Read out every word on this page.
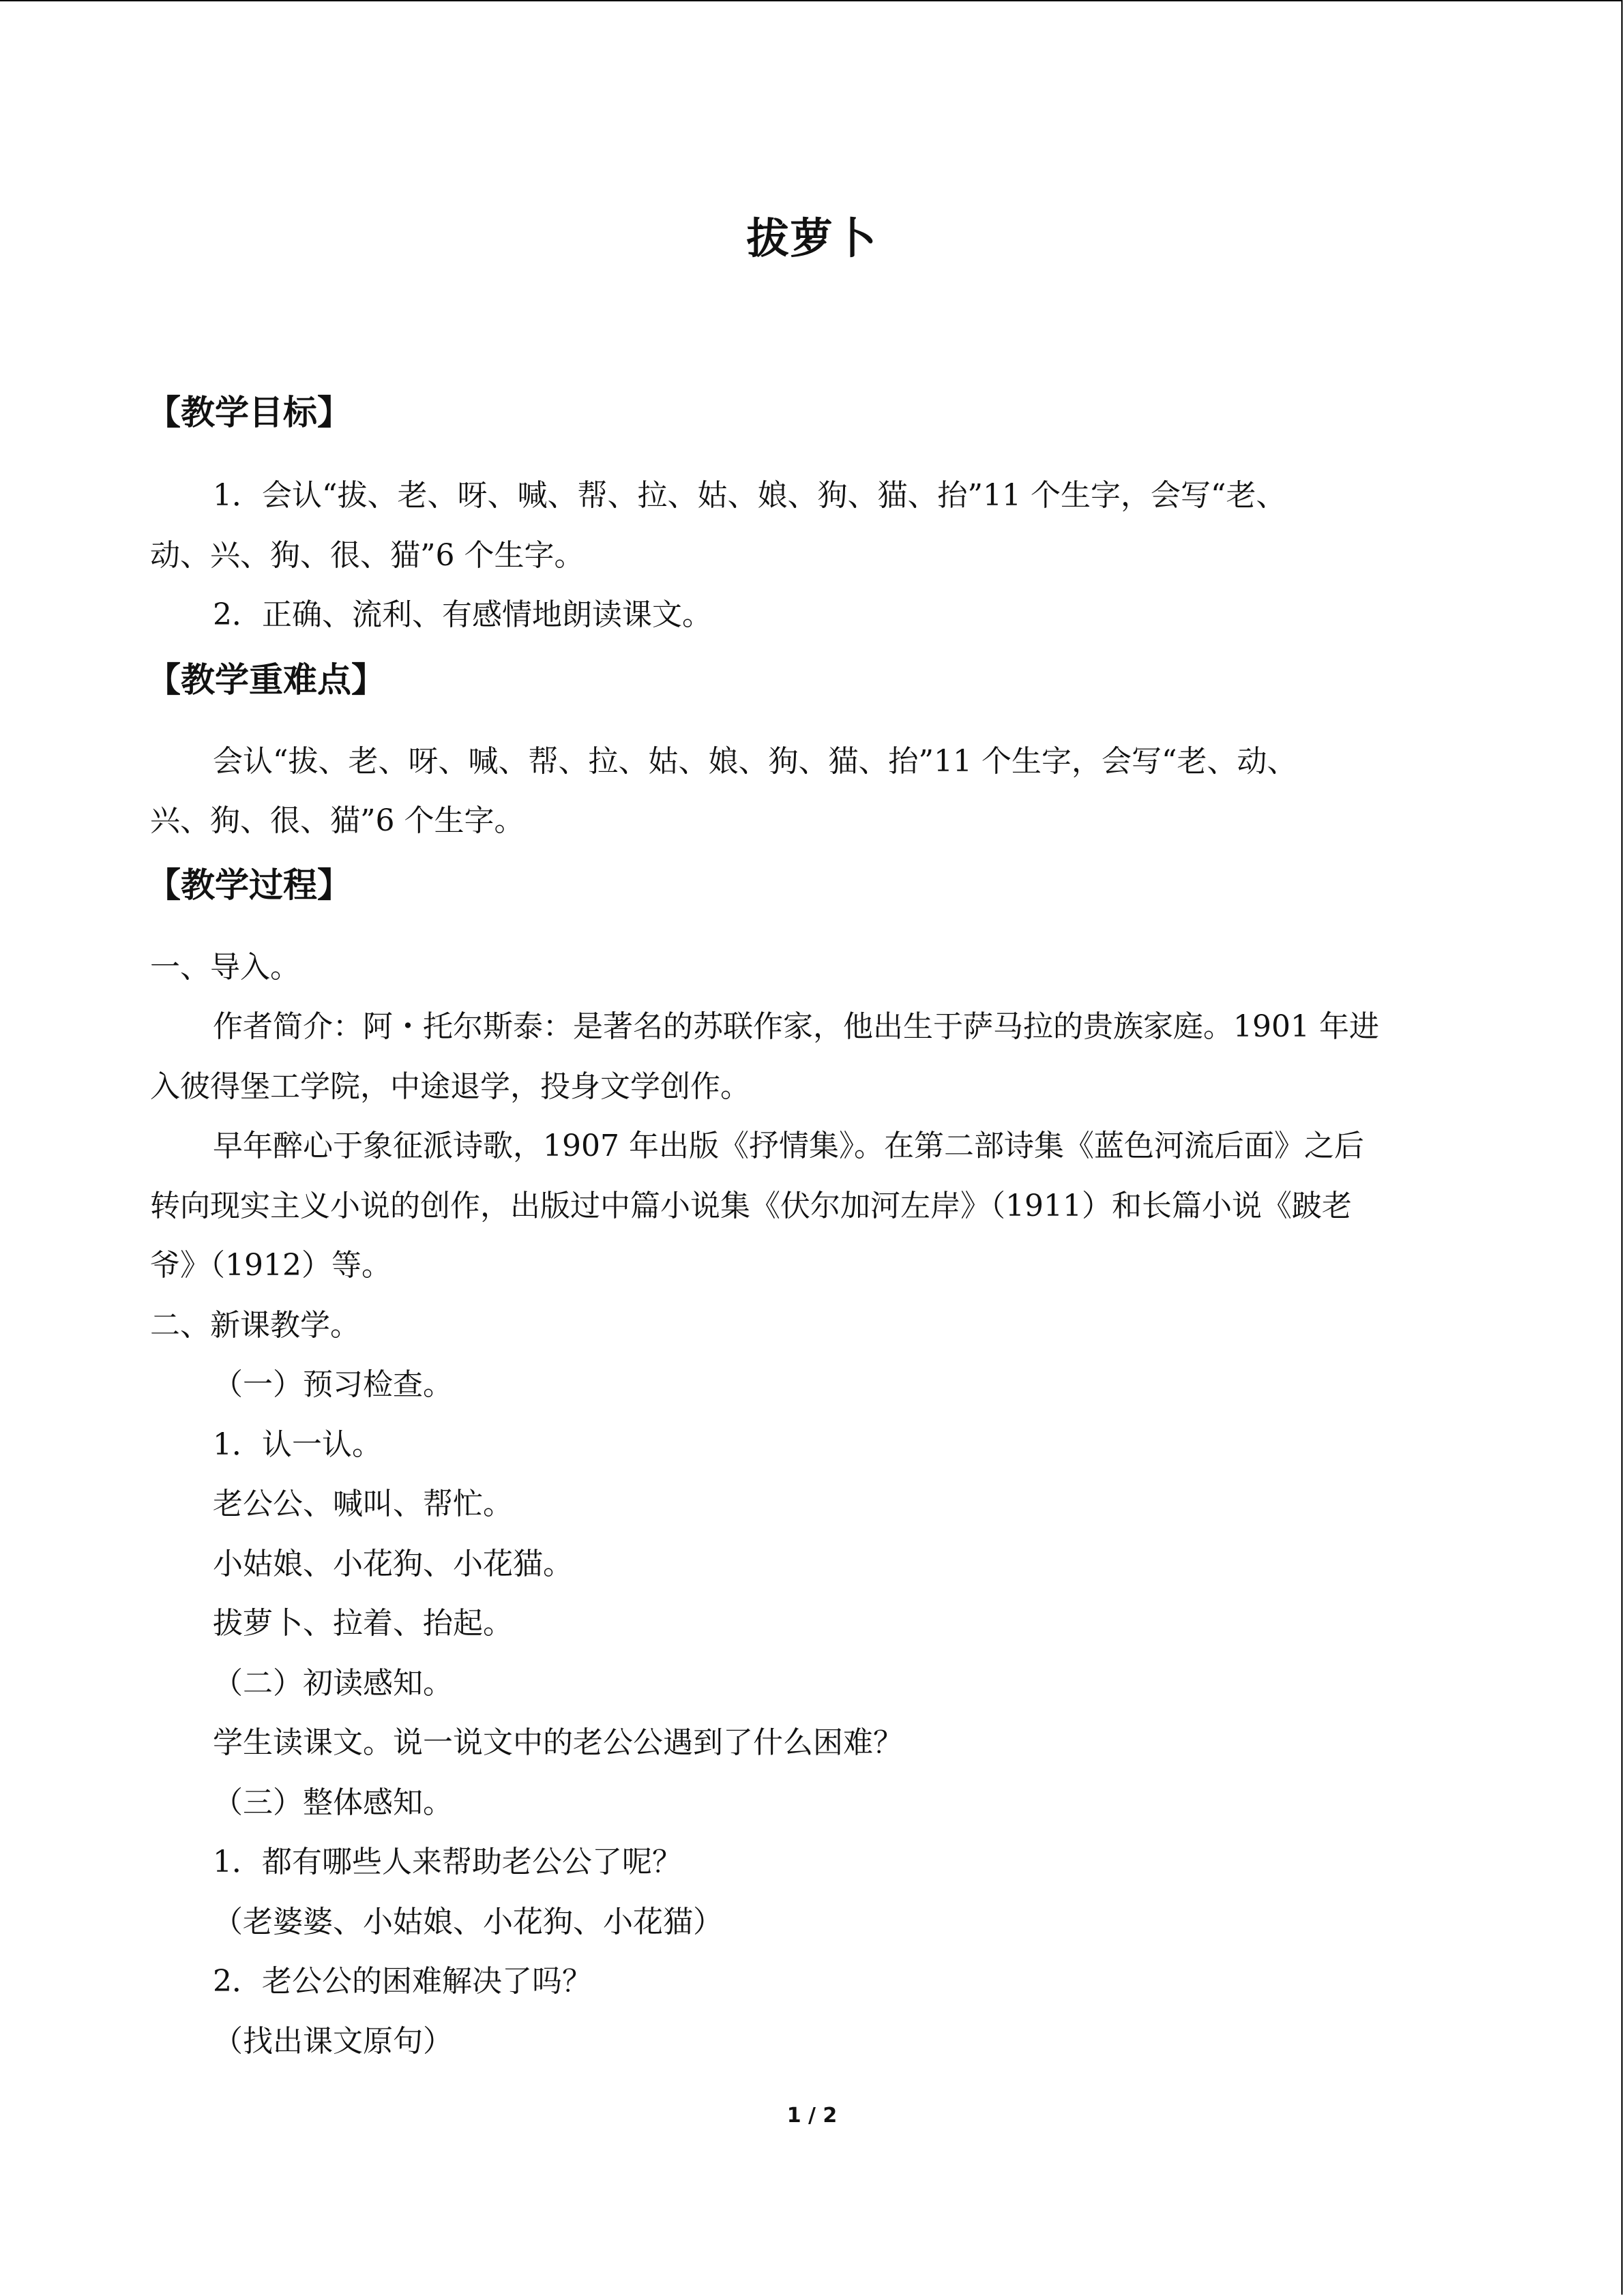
拔萝卜
【教学目标】
1．会认“拔、老、呀、喊、帮、拉、姑、娘、狗、猫、抬”11 个生字，会写“老、
动、兴、狗、很、猫”6 个生字。
2．正确、流利、有感情地朗读课文。
【教学重难点】
会认“拔、老、呀、喊、帮、拉、姑、娘、狗、猫、抬”11 个生字，会写“老、动、
兴、狗、很、猫”6 个生字。
【教学过程】
一、导入。
作者简介：阿・托尔斯泰：是著名的苏联作家，他出生于萨马拉的贵族家庭。1901 年进
入彼得堡工学院，中途退学，投身文学创作。
早年醉心于象征派诗歌，1907 年出版《抒情集》。在第二部诗集《蓝色河流后面》之后
转向现实主义小说的创作，出版过中篇小说集《伏尔加河左岸》（1911）和长篇小说《跛老
爷》（1912）等。
二、新课教学。
（一）预习检查。
1．认一认。
老公公、喊叫、帮忙。
小姑娘、小花狗、小花猫。
拔萝卜、拉着、抬起。
（二）初读感知。
学生读课文。说一说文中的老公公遇到了什么困难？
（三）整体感知。
1．都有哪些人来帮助老公公了呢？
（老婆婆、小姑娘、小花狗、小花猫）
2．老公公的困难解决了吗？
（找出课文原句）
1 / 2
